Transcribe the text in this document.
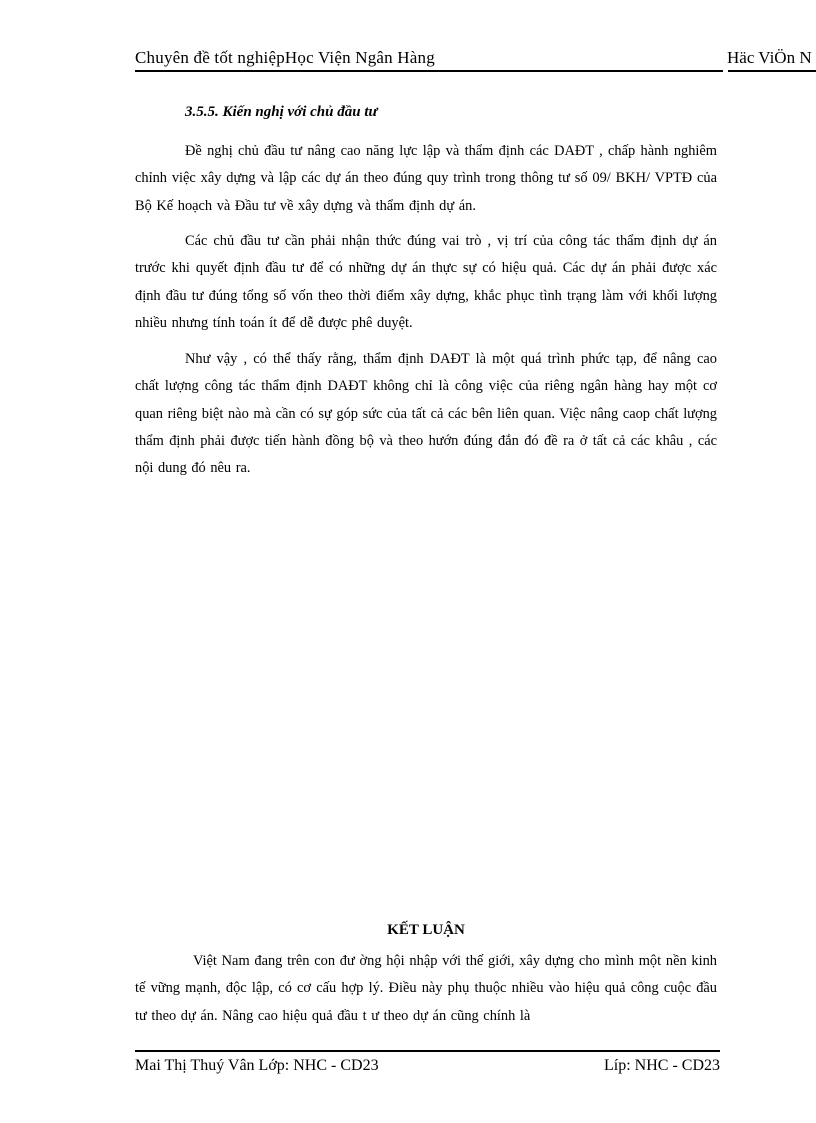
Chuyên đề tốt nghiệpHọc Viện Ngân Hàng	Häc ViÖn N
3.5.5. Kiến nghị với chủ đầu tư

Đề nghị chủ đầu tư nâng cao năng lực lập và thẩm định các DAĐT , chấp hành nghiêm chỉnh việc xây dựng và lập các dự án theo đúng quy trình trong thông tư số 09/ BKH/ VPTĐ của Bộ Kế hoạch và Đầu tư về xây dựng và thẩm định dự án.

Các chủ đầu tư cần phải nhận thức đúng vai trò , vị trí của công tác thẩm định dự án trước khi quyết định đầu tư để có những dự án thực sự có hiệu quả. Các dự án phải được xác định đầu tư đúng tổng số vốn theo thời điểm xây dựng, khắc phục tình trạng làm với khối lượng nhiều nhưng tính toán ít để dễ được phê duyệt.

Như vậy , có thể thấy rằng, thẩm định DAĐT là một quá trình phức tạp, để nâng cao chất lượng công tác thẩm định DAĐT không chỉ là công việc của riêng ngân hàng hay một cơ quan riêng biệt nào mà cần có sự góp sức của tất cả các bên liên quan. Việc nâng caop chất lượng thẩm định phải được tiến hành đồng bộ và theo hướn đúng đắn đó đề ra ở tất cả các khâu , các nội dung đó nêu ra.

KẾT LUẬN

Việt Nam đang trên con đư ờng hội nhập với thế giới, xây dựng cho mình một nền kinh tế vững mạnh, độc lập, có cơ cấu hợp lý. Điều này phụ thuộc nhiều vào hiệu quả công cuộc đầu tư theo dự án. Nâng cao hiệu quả đầu t ư theo dự án cũng chính là

Mai Thị Thuý Vân Lớp: NHC - CD23	Líp: NHC - CD23
